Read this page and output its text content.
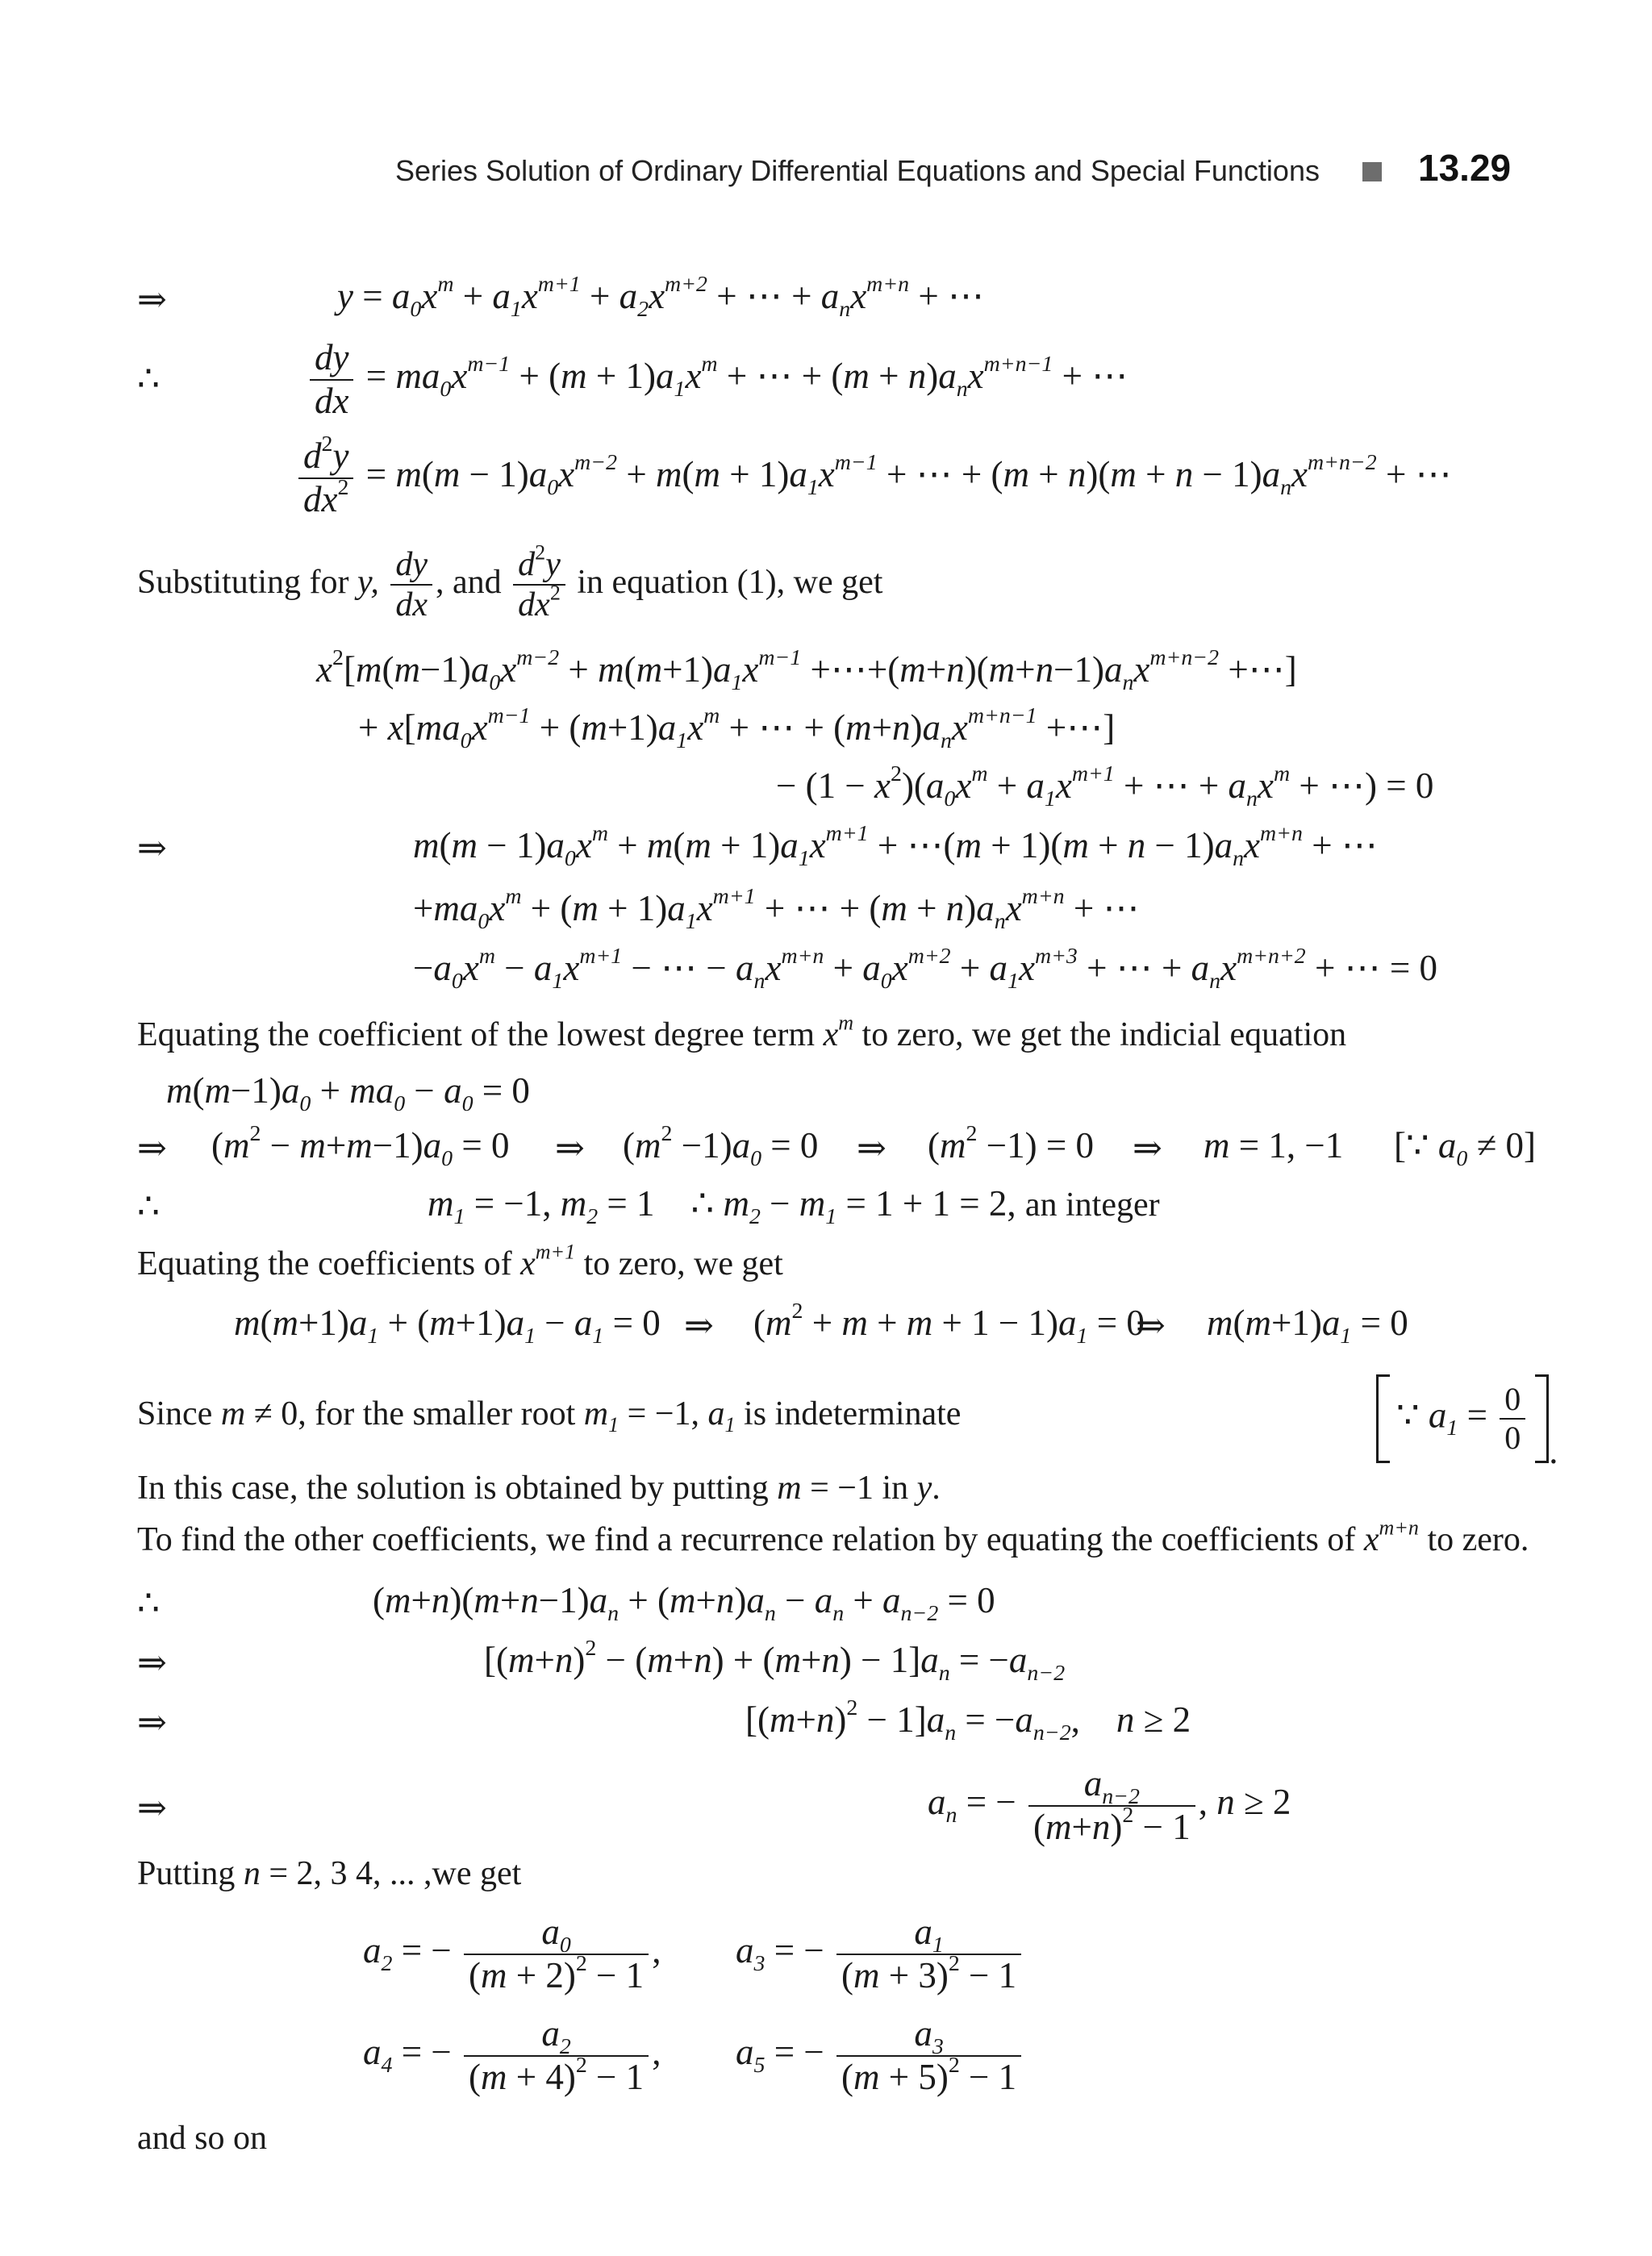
Series Solution of Ordinary Differential Equations and Special Functions	13.29
⇒	$y = a_0x^m + a_1x^{m+1} + a_2x^{m+2}$ + ⋯ + $a_nx^{m+n}$ + ⋯
∴	$\frac{dy}{dx} = ma_0x^{m-1} + (m + 1)a_1x^m$ + ⋯ + $(m + n)a_nx^{m+n-1}$ + ⋯
$\frac{d^2y}{dx^2} = m(m - 1)a_0x^{m-2} + m(m + 1)a_1x^{m-1}$ + ⋯ + $(m + n)(m + n - 1)a_nx^{m+n-2}$ + ⋯
Substituting for y, $\frac{dy}{dx}$ , and $\frac{d^2y}{dx^2}$ in equation (1), we get
$x^2[m(m-1)a_0x^{m-2} + m(m+1)a_1x^{m-1}$ $+\cdots+(m+n)(m+n-1)a_nx^{m+n-2}$ +⋯]
+ $x[ma_0x^{m-1} + (m+1)a_1x^m$ + ⋯ + $(m+n)a_nx^{m+n-1}$ +⋯]
− $(1 - x^2)(a_0x^m + a_1x^{m+1}$ + ⋯ + $a_nx^m$ + ⋯) = 0
⇒	$m(m - 1)a_0x^m + m(m + 1)a_1x^{m+1}$ + ⋯(m + $1)(m + n - 1)a_nx^{m+n}$ + ⋯
$+ma_0x^m + (m + 1)a_1x^{m+1}$ + ⋯ + $(m + n)a_nx^{m+n}$ + ⋯
$-a_0x^m - a_1x^{m+1}$ − ⋯ − $a_nx^{m+n} + a_0x^{m+2} + a_1x^{m+3}$ + ⋯ + $a_nx^{m+n+2}$ + ⋯ = 0
Equating the coefficient of the lowest degree term $x^m$ to zero, we get the indicial equation
$m(m-1)a_0 + ma_0 - a_0 = 0$
⇒ $(m^2 - m+m-1)a_0 = 0$ ⇒ $(m^2 -1)a_0 = 0$ ⇒ $(m^2 -1) = 0$ ⇒ m = 1, −1 [∵ $a_0 \ne 0$]
∴	$m_1 = -1$, $m_2 = 1$    ∴ $m_2 - m_1 = 1 + 1 = 2$, an integer
Equating the coefficients of $x^{m+1}$ to zero, we get
$m(m+1)a_1 + (m+1)a_1 - a_1 = 0$ ⇒ $(m^2 + m + m + 1 - 1)a_1 = 0$
⇒ $m(m+1)a_1 = 0$
Since m ≠ 0, for the smaller root $m_1 = -1$, $a_1$ is indeterminate	∵ $a_1 = \frac{0}{0}$ .
In this case, the solution is obtained by putting m = −1 in y.
To find the other coefficients, we find a recurrence relation by equating the coefficients of $x^{m+n}$ to zero.
∴	$(m+n)(m+n-1)a_n + (m+n)a_n - a_n + a_{n-2} = 0$
⇒	$[(m+n)^2 - (m+n) + (m+n) - 1]a_n = -a_{n-2}$
⇒	$[(m+n)^2 - 1]a_n = -a_{n-2}$,    n ≥ 2
⇒	$a_n$ = − $\frac{a_{n-2}}{(m+n)^2 - 1}$ , n ≥ 2
Putting n = 2, 3 4, ... ,we get
$a_2$ = − $\frac{a_0}{(m + 2)^2 - 1}$ , $a_3$ = − $\frac{a_1}{(m + 3)^2 - 1}$
$a_4$ = − $\frac{a_2}{(m + 4)^2 - 1}$ , $a_5$ = − $\frac{a_3}{(m + 5)^2 - 1}$
and so on
